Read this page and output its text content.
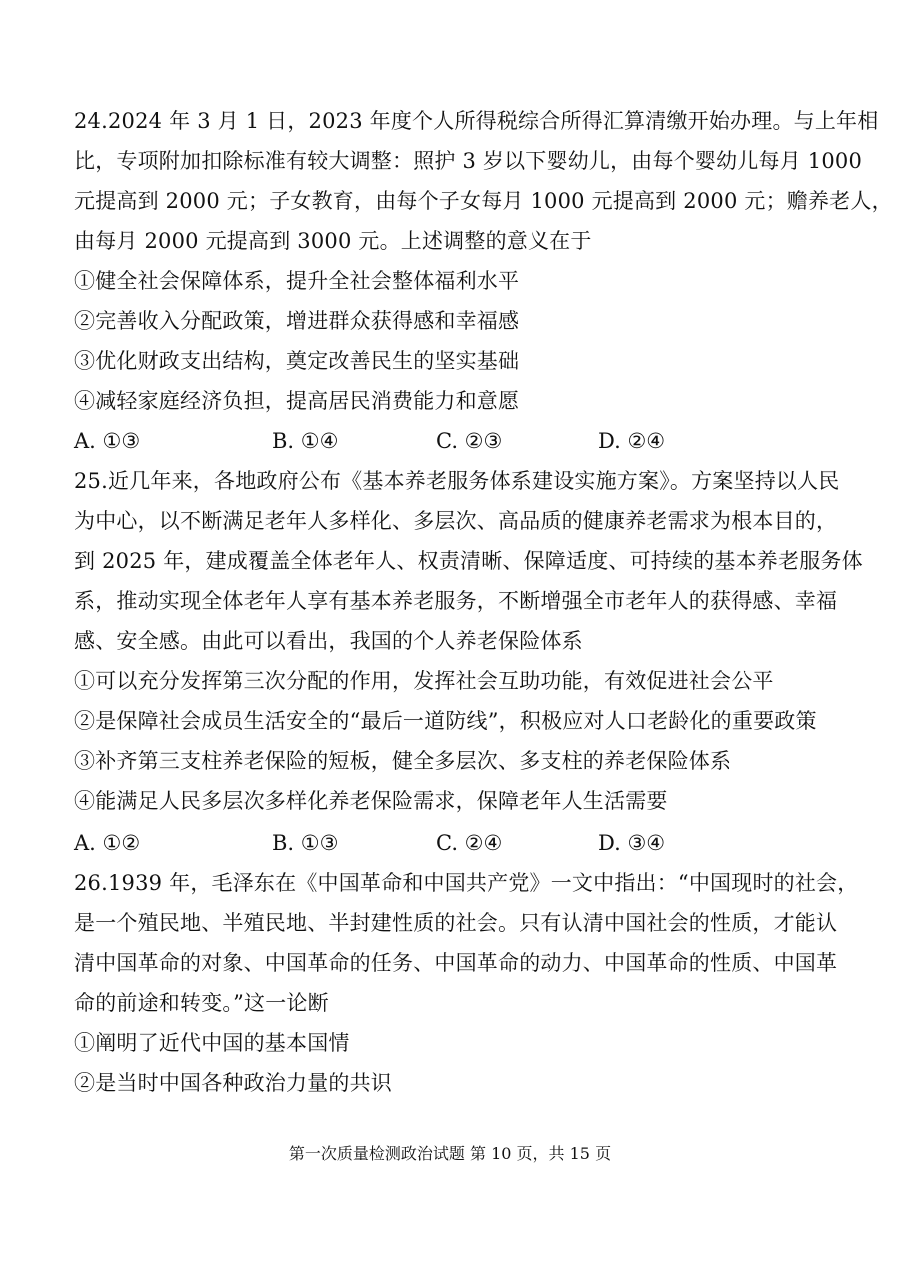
24.2024 年 3 月 1 日，2023 年度个人所得税综合所得汇算清缴开始办理。与上年相
比，专项附加扣除标准有较大调整：照护 3 岁以下婴幼儿，由每个婴幼儿每月 1000
元提高到 2000 元；子女教育，由每个子女每月 1000 元提高到 2000 元；赡养老人，
由每月 2000 元提高到 3000 元。上述调整的意义在于
①健全社会保障体系，提升全社会整体福利水平
②完善收入分配政策，增进群众获得感和幸福感
③优化财政支出结构，奠定改善民生的坚实基础
④减轻家庭经济负担，提高居民消费能力和意愿
A. ①③	B. ①④	C. ②③	D. ②④
25.近几年来，各地政府公布《基本养老服务体系建设实施方案》。方案坚持以人民
为中心，以不断满足老年人多样化、多层次、高品质的健康养老需求为根本目的，
到 2025 年，建成覆盖全体老年人、权责清晰、保障适度、可持续的基本养老服务体
系，推动实现全体老年人享有基本养老服务，不断增强全市老年人的获得感、幸福
感、安全感。由此可以看出，我国的个人养老保险体系
①可以充分发挥第三次分配的作用，发挥社会互助功能，有效促进社会公平
②是保障社会成员生活安全的“最后一道防线”，积极应对人口老龄化的重要政策
③补齐第三支柱养老保险的短板，健全多层次、多支柱的养老保险体系
④能满足人民多层次多样化养老保险需求，保障老年人生活需要
A. ①②	B. ①③	C. ②④	D. ③④
26.1939 年，毛泽东在《中国革命和中国共产党》一文中指出：“中国现时的社会，
是一个殖民地、半殖民地、半封建性质的社会。只有认清中国社会的性质，才能认
清中国革命的对象、中国革命的任务、中国革命的动力、中国革命的性质、中国革
命的前途和转变。”这一论断
①阐明了近代中国的基本国情
②是当时中国各种政治力量的共识
第一次质量检测政治试题 第 10 页，共 15 页
